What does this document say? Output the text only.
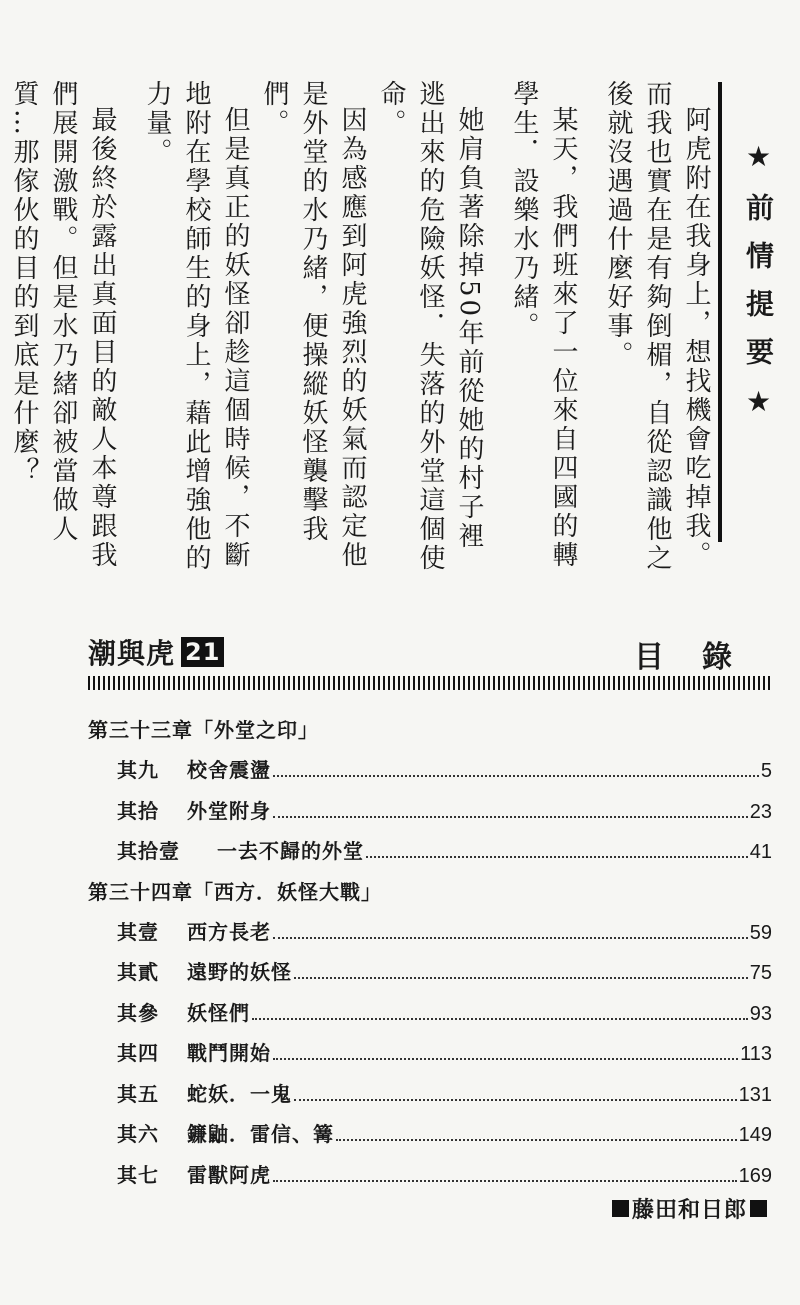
★前情提要★

阿虎附在我身上，想找機會吃掉我。而我也實在是有夠倒楣，自從認識他之後就沒遇過什麼好事。

某天，我們班來了一位來自四國的轉學生．設樂水乃緒。

她肩負著除掉50年前從她的村子裡逃出來的危險妖怪．失落的外堂這個使命。

因為感應到阿虎強烈的妖氣而認定他是外堂的水乃緒，便操縱妖怪襲擊我們。

但是真正的妖怪卻趁這個時候，不斷地附在學校師生的身上，藉此增強他的力量。

最後終於露出真面目的敵人本尊跟我們展開激戰。但是水乃緒卻被當做人質…那傢伙的目的到底是什麼？

潮與虎 21	目錄
第三十三章「外堂之印」
其九	校舍震盪	5
其拾	外堂附身	23
其拾壹	一去不歸的外堂	41
第三十四章「西方．妖怪大戰」
其壹	西方長老	59
其貳	遠野的妖怪	75
其參	妖怪們	93
其四	戰鬥開始	113
其五	蛇妖．一鬼	131
其六	鐮鼬．雷信、篝	149
其七	雷獸阿虎	169
藤田和日郎
